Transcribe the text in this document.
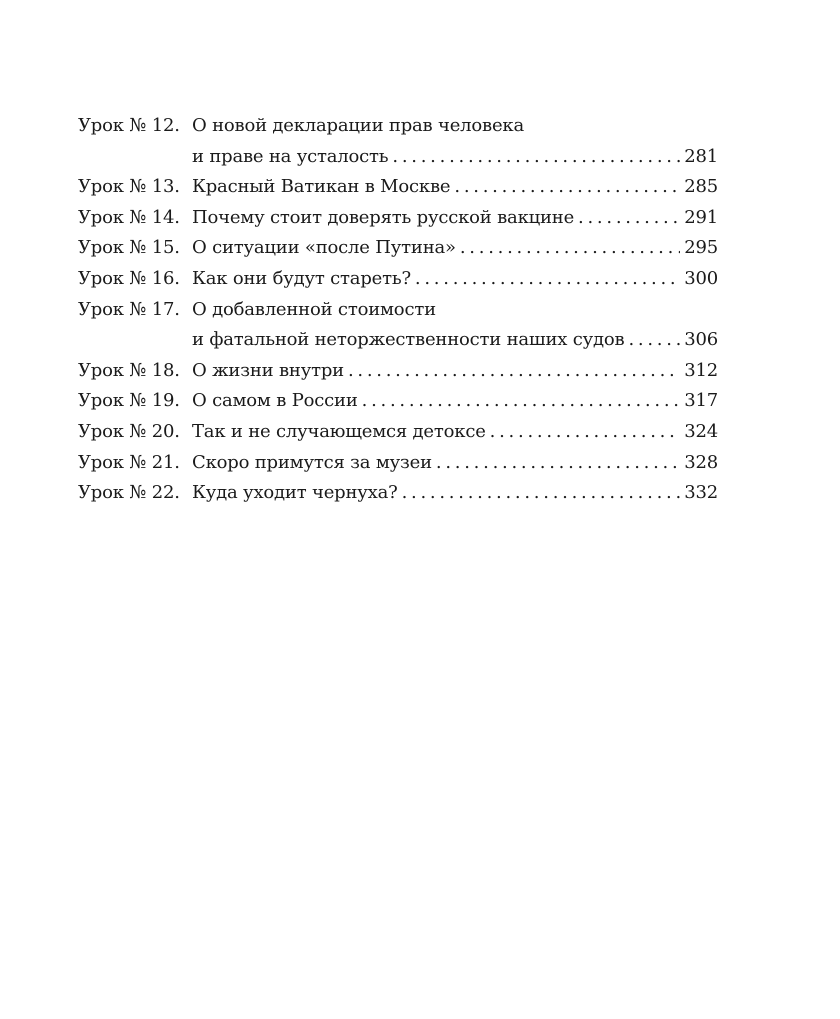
Урок № 12. О новой декларации прав человека
и праве на усталость . . .	281
Урок № 13. Красный Ватикан в Москве . . .	285
Урок № 14. Почему стоит доверять русской вакцине . . .	291
Урок № 15. О ситуации «после Путина» . . .	295
Урок № 16. Как они будут стареть? . . .	300
Урок № 17. О добавленной стоимости
и фатальной неторжественности наших судов . . .	306
Урок № 18. О жизни внутри . . .	312
Урок № 19. О самом в России . . .	317
Урок № 20. Так и не случающемся детоксе . . .	324
Урок № 21. Скоро примутся за музеи . . .	328
Урок № 22. Куда уходит чернуха? . . .	332
